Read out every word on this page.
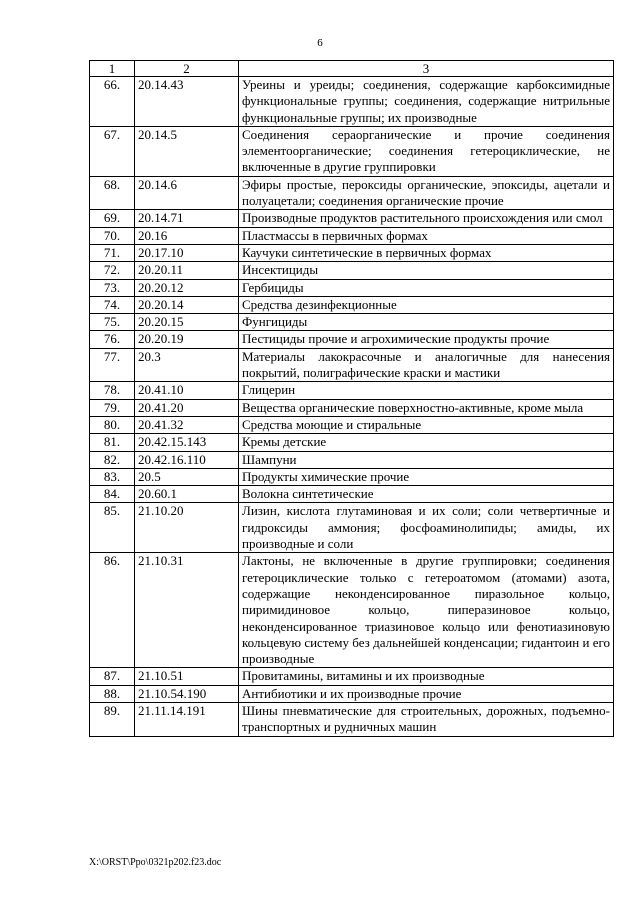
6
1	2	3
66.	20.14.43	Уреины и уреиды; соединения, содержащие карбоксимидные функциональные группы; соединения, содержащие нитрильные функциональные группы; их производные
67.	20.14.5	Соединения сераорганические и прочие соединения элементоорганические; соединения гетероциклические, не включенные в другие группировки
68.	20.14.6	Эфиры простые, пероксиды органические, эпоксиды, ацетали и полуацетали; соединения органические прочие
69.	20.14.71	Производные продуктов растительного происхождения или смол
70.	20.16	Пластмассы в первичных формах
71.	20.17.10	Каучуки синтетические в первичных формах
72.	20.20.11	Инсектициды
73.	20.20.12	Гербициды
74.	20.20.14	Средства дезинфекционные
75.	20.20.15	Фунгициды
76.	20.20.19	Пестициды прочие и агрохимические продукты прочие
77.	20.3	Материалы лакокрасочные и аналогичные для нанесения покрытий, полиграфические краски и мастики
78.	20.41.10	Глицерин
79.	20.41.20	Вещества органические поверхностно-активные, кроме мыла
80.	20.41.32	Средства моющие и стиральные
81.	20.42.15.143	Кремы детские
82.	20.42.16.110	Шампуни
83.	20.5	Продукты химические прочие
84.	20.60.1	Волокна синтетические
85.	21.10.20	Лизин, кислота глутаминовая и их соли; соли четвертичные и гидроксиды аммония; фосфоаминолипиды; амиды, их производные и соли
86.	21.10.31	Лактоны, не включенные в другие группировки; соединения гетероциклические только с гетероатомом (атомами) азота, содержащие неконденсированное пиразольное кольцо, пиримидиновое кольцо, пиперазиновое кольцо, неконденсированное триазиновое кольцо или фенотиазиновую кольцевую систему без дальнейшей конденсации; гидантоин и его производные
87.	21.10.51	Провитамины, витамины и их производные
88.	21.10.54.190	Антибиотики и их производные прочие
89.	21.11.14.191	Шины пневматические для строительных, дорожных, подъемно-транспортных и рудничных машин
X:\ORST\Ppo\0321p202.f23.doc
